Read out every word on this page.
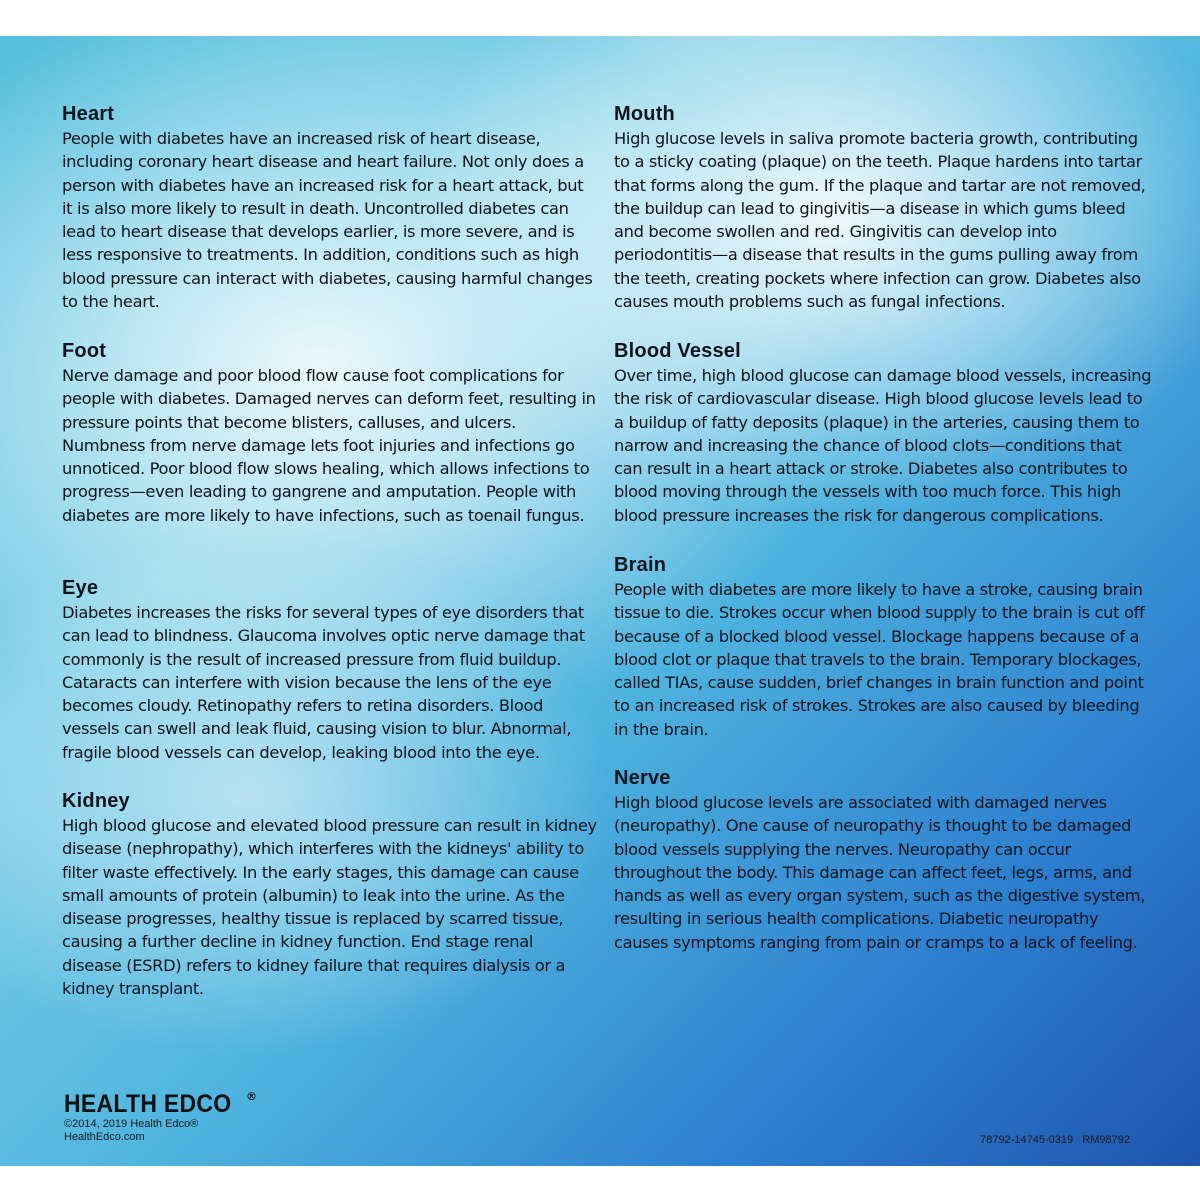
Heart

People with diabetes have an increased risk of heart disease, including coronary heart disease and heart failure. Not only does a person with diabetes have an increased risk for a heart attack, but it is also more likely to result in death. Uncontrolled diabetes can lead to heart disease that develops earlier, is more severe, and is less responsive to treatments. In addition, conditions such as high blood pressure can interact with diabetes, causing harmful changes to the heart.

Foot

Nerve damage and poor blood flow cause foot complications for people with diabetes. Damaged nerves can deform feet, resulting in pressure points that become blisters, calluses, and ulcers. Numbness from nerve damage lets foot injuries and infections go unnoticed. Poor blood flow slows healing, which allows infections to progress—even leading to gangrene and amputation. People with diabetes are more likely to have infections, such as toenail fungus.

Eye

Diabetes increases the risks for several types of eye disorders that can lead to blindness. Glaucoma involves optic nerve damage that commonly is the result of increased pressure from fluid buildup. Cataracts can interfere with vision because the lens of the eye becomes cloudy. Retinopathy refers to retina disorders. Blood vessels can swell and leak fluid, causing vision to blur. Abnormal, fragile blood vessels can develop, leaking blood into the eye.

Kidney

High blood glucose and elevated blood pressure can result in kidney disease (nephropathy), which interferes with the kidneys' ability to filter waste effectively. In the early stages, this damage can cause small amounts of protein (albumin) to leak into the urine. As the disease progresses, healthy tissue is replaced by scarred tissue, causing a further decline in kidney function. End stage renal disease (ESRD) refers to kidney failure that requires dialysis or a kidney transplant.

Mouth

High glucose levels in saliva promote bacteria growth, contributing to a sticky coating (plaque) on the teeth. Plaque hardens into tartar that forms along the gum. If the plaque and tartar are not removed, the buildup can lead to gingivitis—a disease in which gums bleed and become swollen and red. Gingivitis can develop into periodontitis—a disease that results in the gums pulling away from the teeth, creating pockets where infection can grow. Diabetes also causes mouth problems such as fungal infections.

Blood Vessel

Over time, high blood glucose can damage blood vessels, increasing the risk of cardiovascular disease. High blood glucose levels lead to a buildup of fatty deposits (plaque) in the arteries, causing them to narrow and increasing the chance of blood clots—conditions that can result in a heart attack or stroke. Diabetes also contributes to blood moving through the vessels with too much force. This high blood pressure increases the risk for dangerous complications.

Brain

People with diabetes are more likely to have a stroke, causing brain tissue to die. Strokes occur when blood supply to the brain is cut off because of a blocked blood vessel. Blockage happens because of a blood clot or plaque that travels to the brain. Temporary blockages, called TIAs, cause sudden, brief changes in brain function and point to an increased risk of strokes. Strokes are also caused by bleeding in the brain.

Nerve

High blood glucose levels are associated with damaged nerves (neuropathy). One cause of neuropathy is thought to be damaged blood vessels supplying the nerves. Neuropathy can occur throughout the body. This damage can affect feet, legs, arms, and hands as well as every organ system, such as the digestive system, resulting in serious health complications. Diabetic neuropathy causes symptoms ranging from pain or cramps to a lack of feeling.

HEALTH EDCO ®
©2014, 2019 Health Edco®
HealthEdco.com	78792-14745-0319   RM98792
